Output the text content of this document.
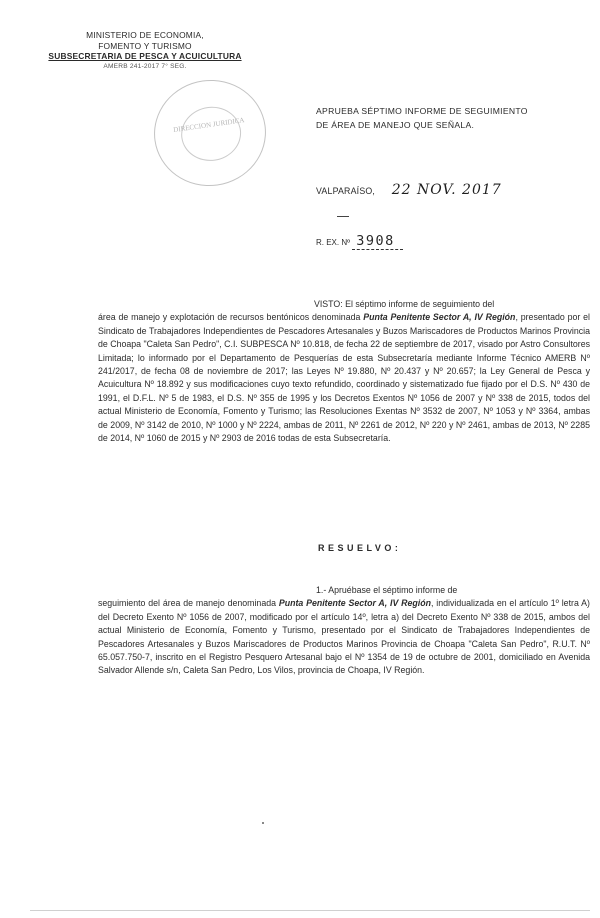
MINISTERIO DE ECONOMIA,
FOMENTO Y TURISMO
SUBSECRETARIA DE PESCA Y ACUICULTURA
AMERB 241-2017 7° SEG.
DIRECCION JURIDICA
APRUEBA SÉPTIMO INFORME DE SEGUIMIENTO
DE ÁREA DE MANEJO QUE SEÑALA.
VALPARAÍSO, 22 NOV. 2017
R. EX. Nº 3908
VISTO: El séptimo informe de seguimiento del
área de manejo y explotación de recursos bentónicos denominada Punta Penitente Sector A, IV Región, presentado por el Sindicato de Trabajadores Independientes de Pescadores Artesanales y Buzos Mariscadores de Productos Marinos Provincia de Choapa "Caleta San Pedro", C.I. SUBPESCA Nº 10.818, de fecha 22 de septiembre de 2017, visado por Astro Consultores Limitada; lo informado por el Departamento de Pesquerías de esta Subsecretaría mediante Informe Técnico AMERB Nº 241/2017, de fecha 08 de noviembre de 2017; las Leyes Nº 19.880, Nº 20.437 y Nº 20.657; la Ley General de Pesca y Acuicultura Nº 18.892 y sus modificaciones cuyo texto refundido, coordinado y sistematizado fue fijado por el D.S. Nº 430 de 1991, el D.F.L. Nº 5 de 1983, el D.S. Nº 355 de 1995 y los Decretos Exentos Nº 1056 de 2007 y Nº 338 de 2015, todos del actual Ministerio de Economía, Fomento y Turismo; las Resoluciones Exentas Nº 3532 de 2007, Nº 1053 y Nº 3364, ambas de 2009, Nº 3142 de 2010, Nº 1000 y Nº 2224, ambas de 2011, Nº 2261 de 2012, Nº 220 y Nº 2461, ambas de 2013, Nº 2285 de 2014, Nº 1060 de 2015 y Nº 2903 de 2016 todas de esta Subsecretaría.
RESUELVO:
1.- Apruébase el séptimo informe de
seguimiento del área de manejo denominada Punta Penitente Sector A, IV Región, individualizada en el artículo 1º letra A) del Decreto Exento Nº 1056 de 2007, modificado por el artículo 14º, letra a) del Decreto Exento Nº 338 de 2015, ambos del actual Ministerio de Economía, Fomento y Turismo, presentado por el Sindicato de Trabajadores Independientes de Pescadores Artesanales y Buzos Mariscadores de Productos Marinos Provincia de Choapa "Caleta San Pedro", R.U.T. Nº 65.057.750-7, inscrito en el Registro Pesquero Artesanal bajo el Nº 1354 de 19 de octubre de 2001, domiciliado en Avenida Salvador Allende s/n, Caleta San Pedro, Los Vilos, provincia de Choapa, IV Región.
